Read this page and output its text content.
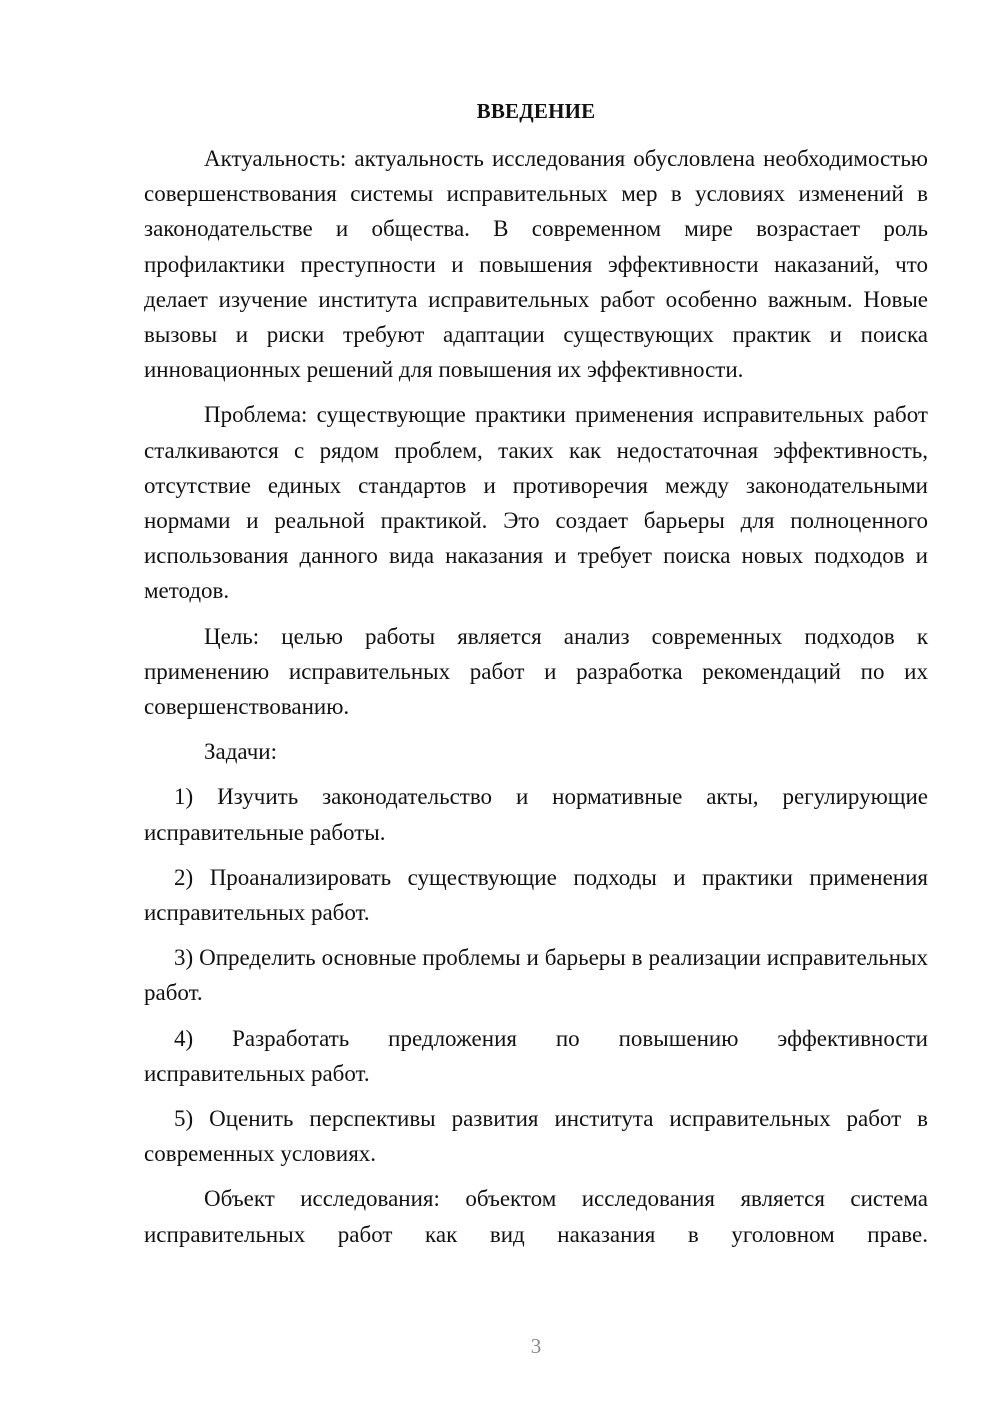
ВВЕДЕНИЕ

Актуальность: актуальность исследования обусловлена необходимостью совершенствования системы исправительных мер в условиях изменений в законодательстве и общества. В современном мире возрастает роль профилактики преступности и повышения эффективности наказаний, что делает изучение института исправительных работ особенно важным. Новые вызовы и риски требуют адаптации существующих практик и поиска инновационных решений для повышения их эффективности.

Проблема: существующие практики применения исправительных работ сталкиваются с рядом проблем, таких как недостаточная эффективность, отсутствие единых стандартов и противоречия между законодательными нормами и реальной практикой. Это создает барьеры для полноценного использования данного вида наказания и требует поиска новых подходов и методов.

Цель: целью работы является анализ современных подходов к применению исправительных работ и разработка рекомендаций по их совершенствованию.

Задачи:

1) Изучить законодательство и нормативные акты, регулирующие исправительные работы.

2) Проанализировать существующие подходы и практики применения исправительных работ.

3) Определить основные проблемы и барьеры в реализации исправительных работ.

4) Разработать предложения по повышению эффективности исправительных работ.

5) Оценить перспективы развития института исправительных работ в современных условиях.

Объект исследования: объектом исследования является система исправительных работ как вид наказания в уголовном праве.

3
